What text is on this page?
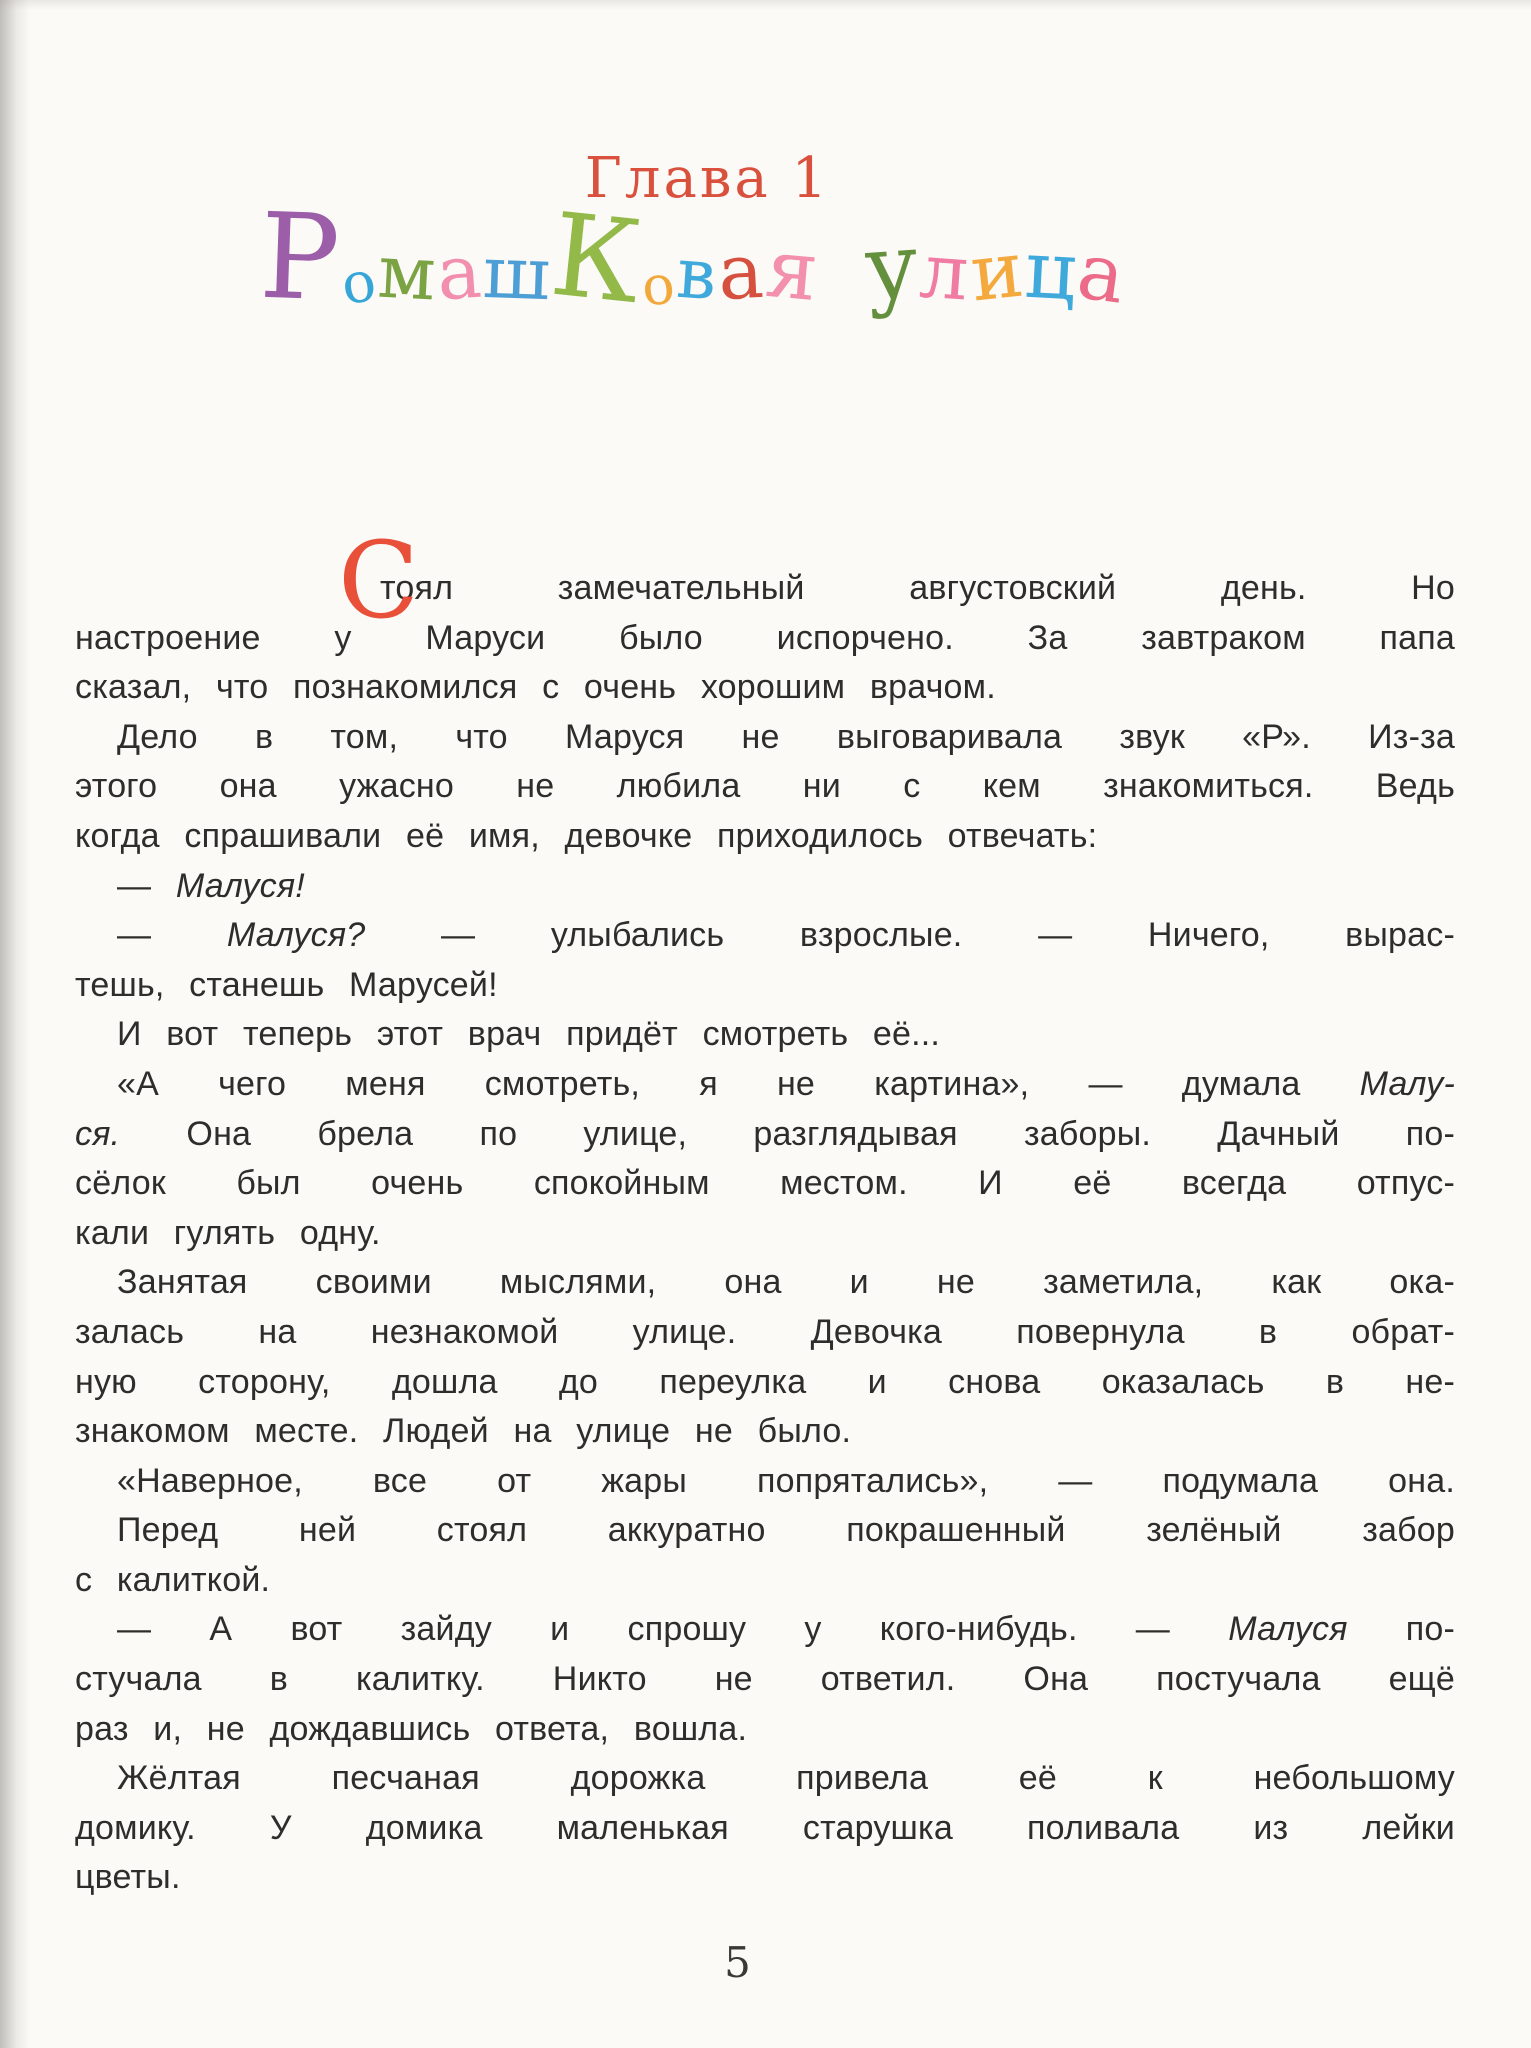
Глава 1
РомашКовая улица
С
тоял замечательный августовский день. Но
настроение у Маруси было испорчено. За завтраком папа
сказал, что познакомился с очень хорошим врачом.
Дело в том, что Маруся не выговаривала звук «Р». Из-за
этого она ужасно не любила ни с кем знакомиться. Ведь
когда спрашивали её имя, девочке приходилось отвечать:
— Малуся!
— Малуся? — улыбались взрослые. — Ничего, вырас-
тешь, станешь Марусей!
И вот теперь этот врач придёт смотреть её...
«А чего меня смотреть, я не картина», — думала Малу-
ся. Она брела по улице, разглядывая заборы. Дачный по-
сёлок был очень спокойным местом. И её всегда отпус-
кали гулять одну.
Занятая своими мыслями, она и не заметила, как ока-
залась на незнакомой улице. Девочка повернула в обрат-
ную сторону, дошла до переулка и снова оказалась в не-
знакомом месте. Людей на улице не было.
«Наверное, все от жары попрятались», — подумала она.
Перед ней стоял аккуратно покрашенный зелёный забор
с калиткой.
— А вот зайду и спрошу у кого-нибудь. — Малуся по-
стучала в калитку. Никто не ответил. Она постучала ещё
раз и, не дождавшись ответа, вошла.
Жёлтая песчаная дорожка привела её к небольшому
домику. У домика маленькая старушка поливала из лейки
цветы.
5
